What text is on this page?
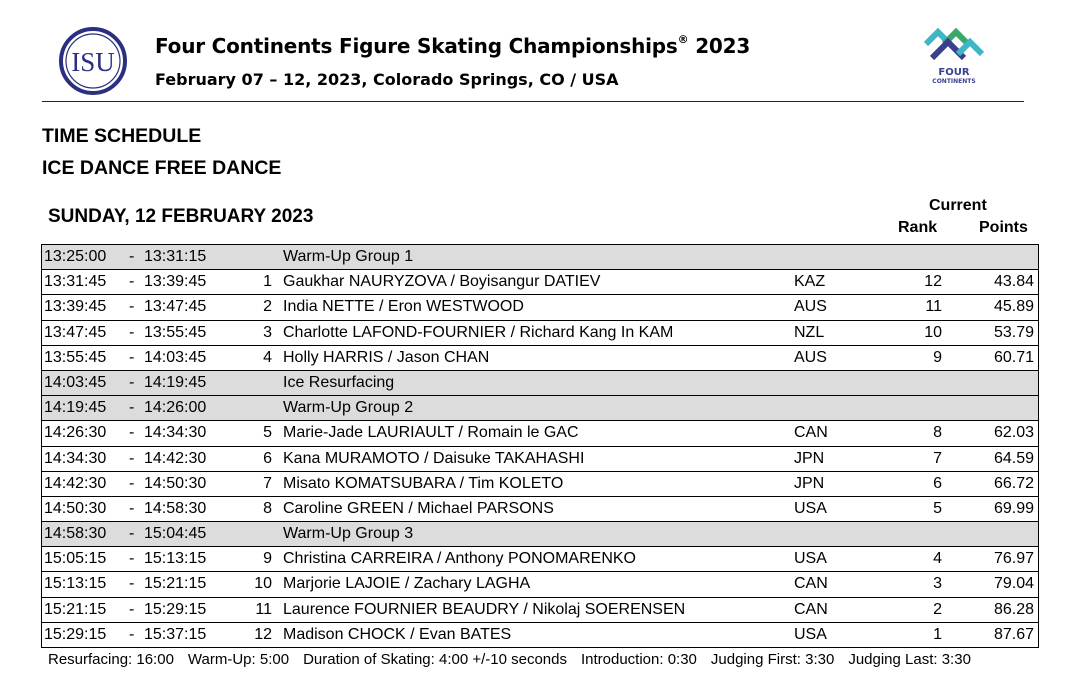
ISU
Four Continents Figure Skating Championships® 2023
February 07 – 12, 2023, Colorado Springs, CO / USA	FOUR
CONTINENTS
TIME SCHEDULE
ICE DANCE FREE DANCE
SUNDAY, 12 FEBRUARY 2023
Current
Rank	Points
13:25:00 - 13:31:15	Warm-Up Group 1
13:31:45 - 13:39:45	1 Gaukhar NAURYZOVA / Boyisangur DATIEV	KAZ	12	43.84
13:39:45 - 13:47:45	2 India NETTE / Eron WESTWOOD	AUS	11	45.89
13:47:45 - 13:55:45	3 Charlotte LAFOND-FOURNIER / Richard Kang In KAM	NZL	10	53.79
13:55:45 - 14:03:45	4 Holly HARRIS / Jason CHAN	AUS	9	60.71
14:03:45 - 14:19:45	Ice Resurfacing
14:19:45 - 14:26:00	Warm-Up Group 2
14:26:30 - 14:34:30	5 Marie-Jade LAURIAULT / Romain le GAC	CAN	8	62.03
14:34:30 - 14:42:30	6 Kana MURAMOTO / Daisuke TAKAHASHI	JPN	7	64.59
14:42:30 - 14:50:30	7 Misato KOMATSUBARA / Tim KOLETO	JPN	6	66.72
14:50:30 - 14:58:30	8 Caroline GREEN / Michael PARSONS	USA	5	69.99
14:58:30 - 15:04:45	Warm-Up Group 3
15:05:15 - 15:13:15	9 Christina CARREIRA / Anthony PONOMARENKO	USA	4	76.97
15:13:15 - 15:21:15	10 Marjorie LAJOIE / Zachary LAGHA	CAN	3	79.04
15:21:15 - 15:29:15	11 Laurence FOURNIER BEAUDRY / Nikolaj SOERENSEN	CAN	2	86.28
15:29:15 - 15:37:15	12 Madison CHOCK / Evan BATES	USA	1	87.67
Resurfacing: 16:00 Warm-Up: 5:00 Duration of Skating: 4:00 +/-10 seconds Introduction: 0:30 Judging First: 3:30 Judging Last: 3:30
